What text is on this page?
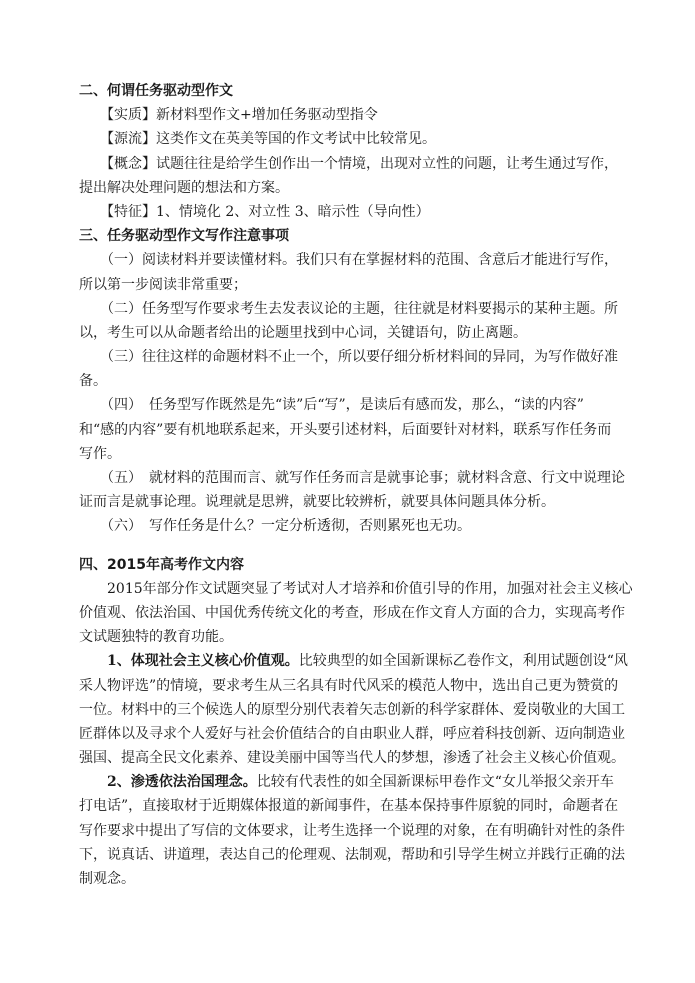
二、何谓任务驱动型作文
【实质】新材料型作文+增加任务驱动型指令
【源流】这类作文在英美等国的作文考试中比较常见。
【概念】试题往往是给学生创作出一个情境，出现对立性的问题，让考生通过写作，
提出解决处理问题的想法和方案。
【特征】1、情境化 2、对立性 3、暗示性（导向性）
三、任务驱动型作文写作注意事项
（一）阅读材料并要读懂材料。我们只有在掌握材料的范围、含意后才能进行写作，
所以第一步阅读非常重要；
（二）任务型写作要求考生去发表议论的主题，往往就是材料要揭示的某种主题。所
以，考生可以从命题者给出的论题里找到中心词，关键语句，防止离题。
（三）往往这样的命题材料不止一个，所以要仔细分析材料间的异同，为写作做好准
备。
（四）　任务型写作既然是先“读”后“写”，是读后有感而发，那么，“读的内容”
和“感的内容”要有机地联系起来，开头要引述材料，后面要针对材料，联系写作任务而
写作。
（五）　就材料的范围而言、就写作任务而言是就事论事；就材料含意、行文中说理论
证而言是就事论理。说理就是思辨，就要比较辨析，就要具体问题具体分析。
（六）　写作任务是什么？一定分析透彻，否则累死也无功。
四、2015年高考作文内容
2015年部分作文试题突显了考试对人才培养和价值引导的作用，加强对社会主义核心
价值观、依法治国、中国优秀传统文化的考查，形成在作文育人方面的合力，实现高考作
文试题独特的教育功能。
1、体现社会主义核心价值观。比较典型的如全国新课标乙卷作文，利用试题创设“风
采人物评选”的情境，要求考生从三名具有时代风采的模范人物中，选出自己更为赞赏的
一位。材料中的三个候选人的原型分别代表着矢志创新的科学家群体、爱岗敬业的大国工
匠群体以及寻求个人爱好与社会价值结合的自由职业人群，呼应着科技创新、迈向制造业
强国、提高全民文化素养、建设美丽中国等当代人的梦想，渗透了社会主义核心价值观。
2、渗透依法治国理念。比较有代表性的如全国新课标甲卷作文“女儿举报父亲开车
打电话”，直接取材于近期媒体报道的新闻事件，在基本保持事件原貌的同时，命题者在
写作要求中提出了写信的文体要求，让考生选择一个说理的对象，在有明确针对性的条件
下，说真话、讲道理，表达自己的伦理观、法制观，帮助和引导学生树立并践行正确的法
制观念。
